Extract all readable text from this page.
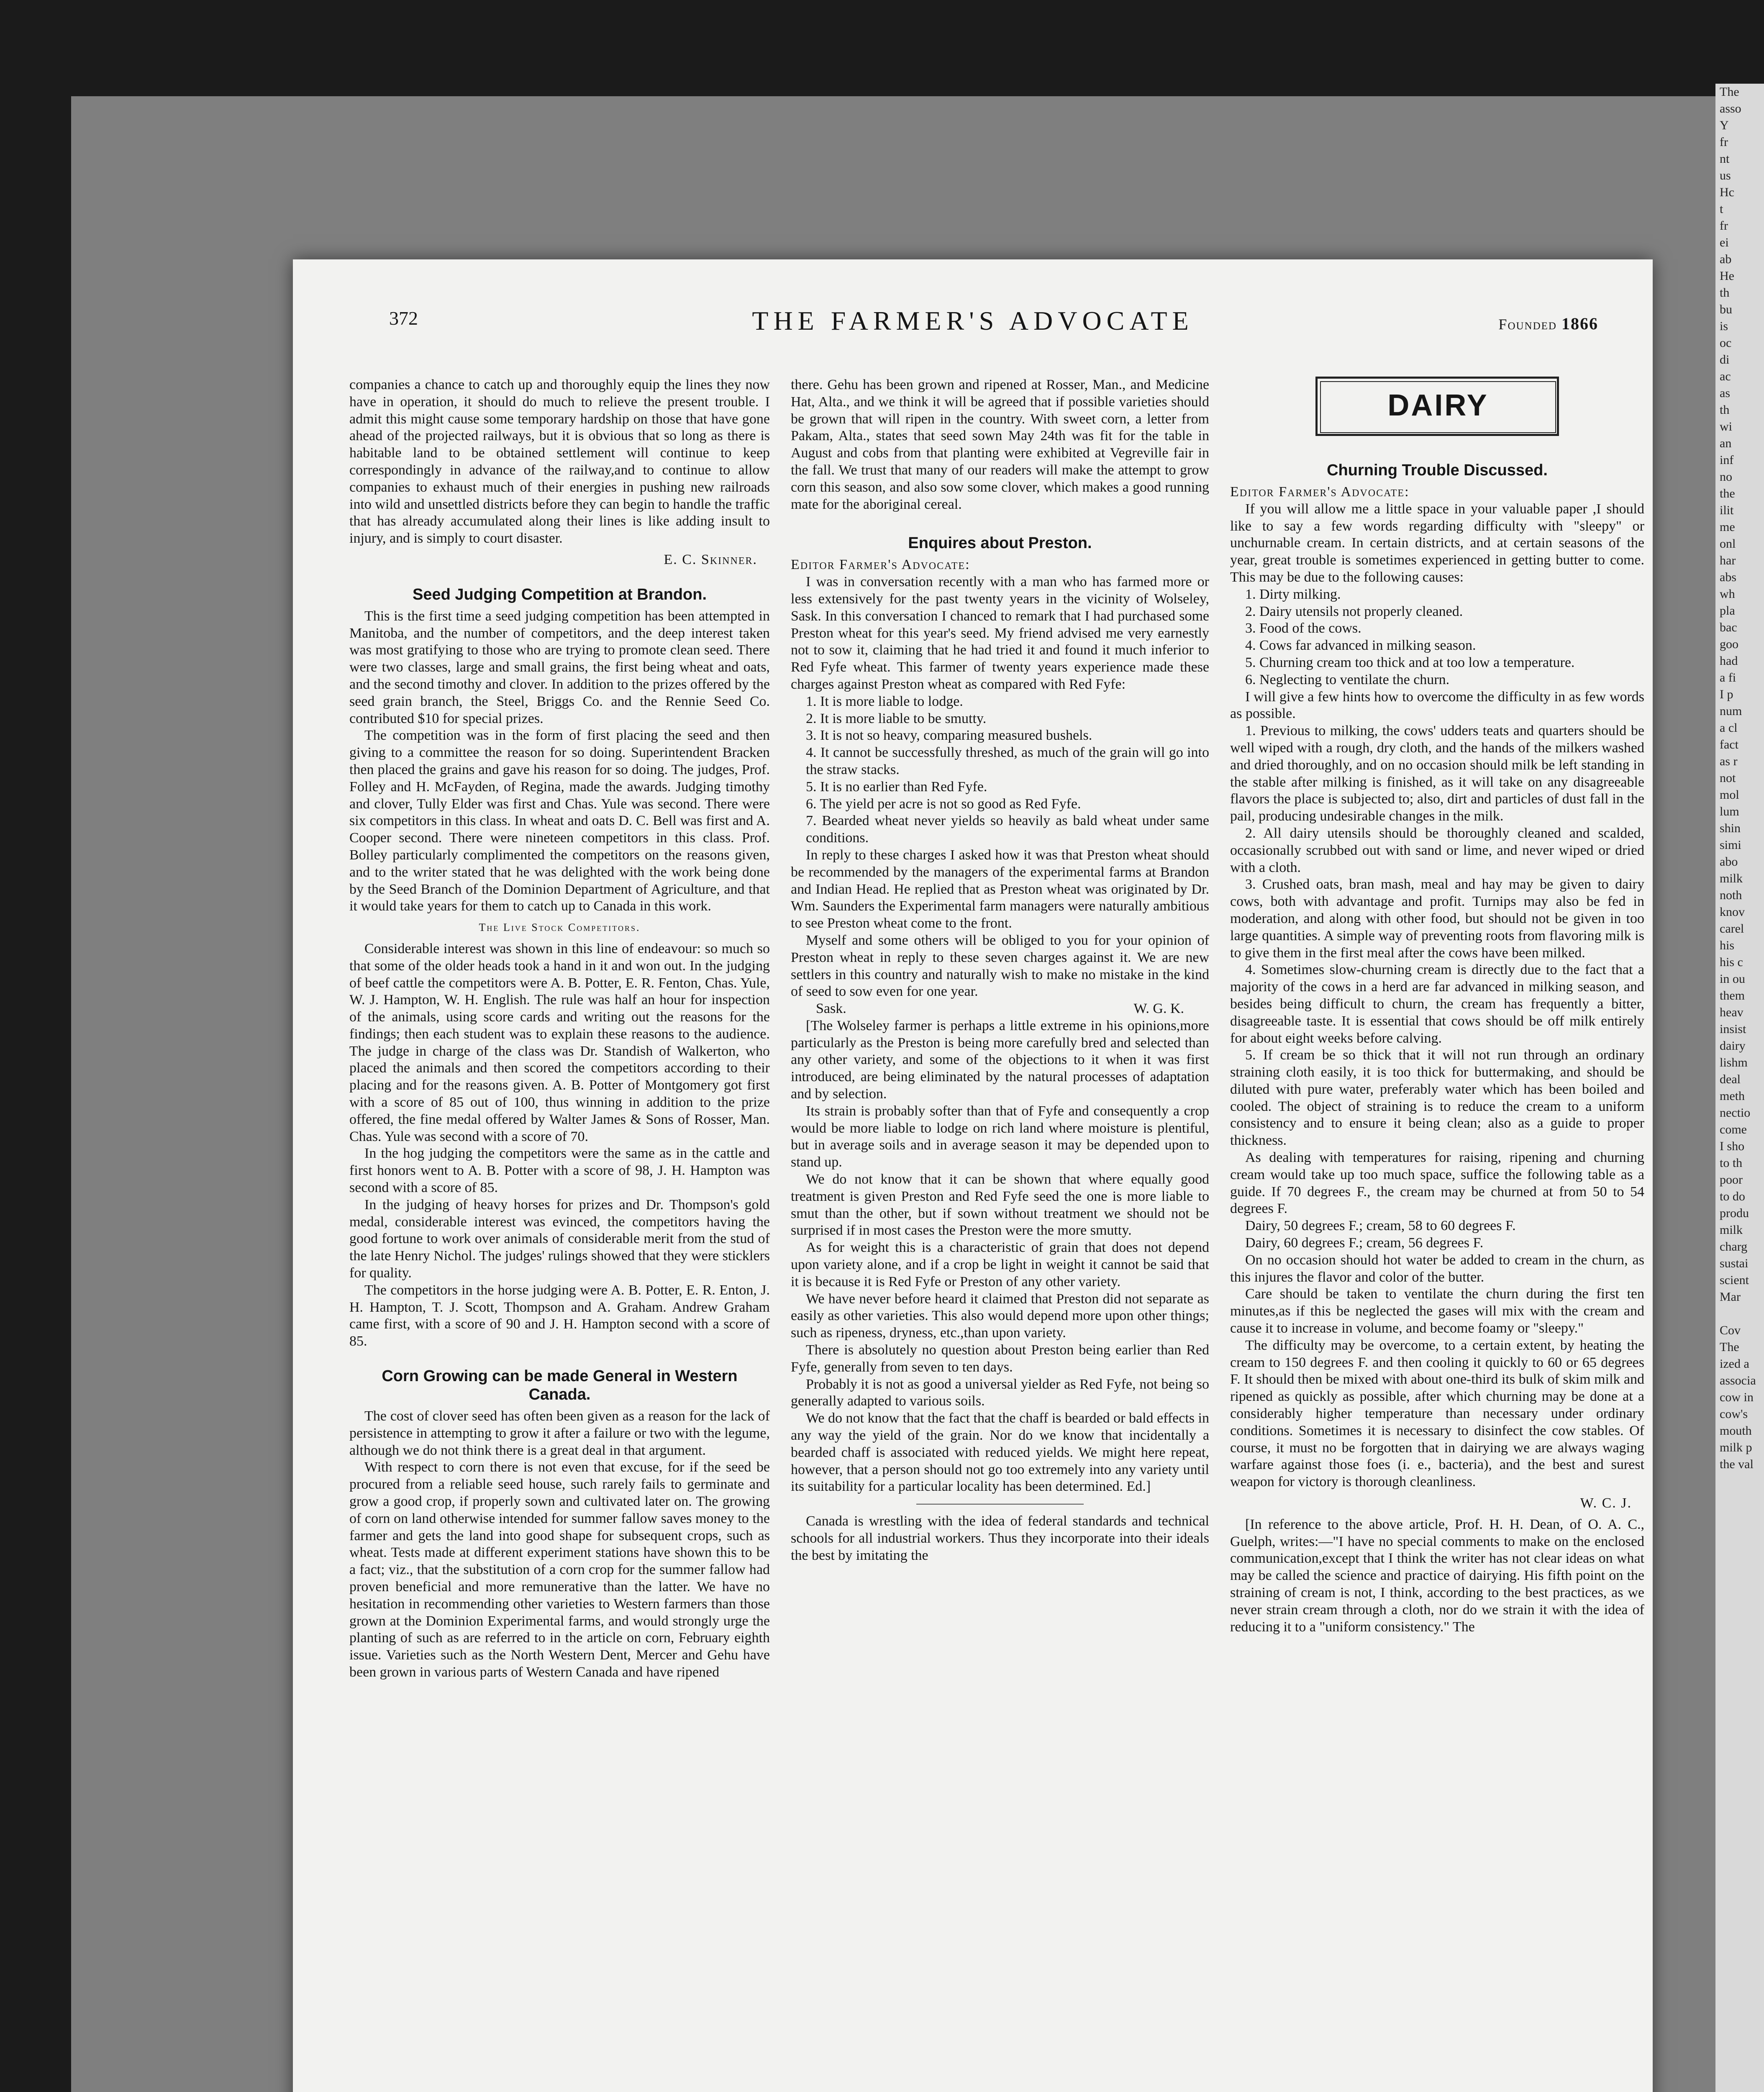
The
asso
Y
fr
nt
us
Hc
t
fr
ei
ab
He
th
bu
is
oc
di
ac
as
th
wi
an
inf
no
the
ilit
me
onl
har
abs
wh
pla
bac
goo
had
a fi
I p
num
a cl
fact
as r
not
mol
lum
shin
simi
abo
milk
noth
knov
carel
his
his c
in ou
them
heav
insist
dairy
lishm
deal
meth
nectio
come
I sho
to th
poor
to do
produ
milk
charg
sustai
scient
Mar

Cov
The
ized a
associa
cow in
cow's
mouth
milk p
the val
372	THE FARMER'S ADVOCATE	Founded 1866

companies a chance to catch up and thoroughly equip the lines they now have in operation, it should do much to relieve the present trouble. I admit this might cause some temporary hardship on those that have gone ahead of the projected railways, but it is obvious that so long as there is habitable land to be obtained settlement will continue to keep correspondingly in advance of the railway,and to continue to allow companies to exhaust much of their energies in pushing new railroads into wild and unsettled districts before they can begin to handle the traffic that has already accumulated along their lines is like adding insult to injury, and is simply to court disaster.

E. C. Skinner.
Seed Judging Competition at Brandon.

This is the first time a seed judging competition has been attempted in Manitoba, and the number of competitors, and the deep interest taken was most gratifying to those who are trying to promote clean seed. There were two classes, large and small grains, the first being wheat and oats, and the second timothy and clover. In addition to the prizes offered by the seed grain branch, the Steel, Briggs Co. and the Rennie Seed Co. contributed $10 for special prizes.

The competition was in the form of first placing the seed and then giving to a committee the reason for so doing. Superintendent Bracken then placed the grains and gave his reason for so doing. The judges, Prof. Folley and H. McFayden, of Regina, made the awards. Judging timothy and clover, Tully Elder was first and Chas. Yule was second. There were six competitors in this class. In wheat and oats D. C. Bell was first and A. Cooper second. There were nineteen competitors in this class. Prof. Bolley particularly complimented the competitors on the reasons given, and to the writer stated that he was delighted with the work being done by the Seed Branch of the Dominion Department of Agriculture, and that it would take years for them to catch up to Canada in this work.

The Live Stock Competitors.

Considerable interest was shown in this line of endeavour: so much so that some of the older heads took a hand in it and won out. In the judging of beef cattle the competitors were A. B. Potter, E. R. Fenton, Chas. Yule, W. J. Hampton, W. H. English. The rule was half an hour for inspection of the animals, using score cards and writing out the reasons for the findings; then each student was to explain these reasons to the audience. The judge in charge of the class was Dr. Standish of Walkerton, who placed the animals and then scored the competitors according to their placing and for the reasons given. A. B. Potter of Montgomery got first with a score of 85 out of 100, thus winning in addition to the prize offered, the fine medal offered by Walter James & Sons of Rosser, Man. Chas. Yule was second with a score of 70.

In the hog judging the competitors were the same as in the cattle and first honors went to A. B. Potter with a score of 98, J. H. Hampton was second with a score of 85.

In the judging of heavy horses for prizes and Dr. Thompson's gold medal, considerable interest was evinced, the competitors having the good fortune to work over animals of considerable merit from the stud of the late Henry Nichol. The judges' rulings showed that they were sticklers for quality.

The competitors in the horse judging were A. B. Potter, E. R. Enton, J. H. Hampton, T. J. Scott, Thompson and A. Graham. Andrew Graham came first, with a score of 90 and J. H. Hampton second with a score of 85.

Corn Growing can be made General in Western Canada.

The cost of clover seed has often been given as a reason for the lack of persistence in attempting to grow it after a failure or two with the legume, although we do not think there is a great deal in that argument.

With respect to corn there is not even that excuse, for if the seed be procured from a reliable seed house, such rarely fails to germinate and grow a good crop, if properly sown and cultivated later on. The growing of corn on land otherwise intended for summer fallow saves money to the farmer and gets the land into good shape for subsequent crops, such as wheat. Tests made at different experiment stations have shown this to be a fact; viz., that the substitution of a corn crop for the summer fallow had proven beneficial and more remunerative than the latter. We have no hesitation in recommending other varieties to Western farmers than those grown at the Dominion Experimental farms, and would strongly urge the planting of such as are referred to in the article on corn, February eighth issue. Varieties such as the North Western Dent, Mercer and Gehu have been grown in various parts of Western Canada and have ripened

there. Gehu has been grown and ripened at Rosser, Man., and Medicine Hat, Alta., and we think it will be agreed that if possible varieties should be grown that will ripen in the country. With sweet corn, a letter from Pakam, Alta., states that seed sown May 24th was fit for the table in August and cobs from that planting were exhibited at Vegreville fair in the fall. We trust that many of our readers will make the attempt to grow corn this season, and also sow some clover, which makes a good running mate for the aboriginal cereal.

Enquires about Preston.

Editor Farmer's Advocate:

I was in conversation recently with a man who has farmed more or less extensively for the past twenty years in the vicinity of Wolseley, Sask. In this conversation I chanced to remark that I had purchased some Preston wheat for this year's seed. My friend advised me very earnestly not to sow it, claiming that he had tried it and found it much inferior to Red Fyfe wheat. This farmer of twenty years experience made these charges against Preston wheat as compared with Red Fyfe:

1. It is more liable to lodge.

2. It is more liable to be smutty.

3. It is not so heavy, comparing measured bushels.

4. It cannot be successfully threshed, as much of the grain will go into the straw stacks.

5. It is no earlier than Red Fyfe.

6. The yield per acre is not so good as Red Fyfe.

7. Bearded wheat never yields so heavily as bald wheat under same conditions.

In reply to these charges I asked how it was that Preston wheat should be recommended by the managers of the experimental farms at Brandon and Indian Head. He replied that as Preston wheat was originated by Dr. Wm. Saunders the Experimental farm managers were naturally ambitious to see Preston wheat come to the front.

Myself and some others will be obliged to you for your opinion of Preston wheat in reply to these seven charges against it. We are new settlers in this country and naturally wish to make no mistake in the kind of seed to sow even for one year.

Sask.	W. G. K.

[The Wolseley farmer is perhaps a little extreme in his opinions,more particularly as the Preston is being more carefully bred and selected than any other variety, and some of the objections to it when it was first introduced, are being eliminated by the natural processes of adaptation and by selection.

Its strain is probably softer than that of Fyfe and consequently a crop would be more liable to lodge on rich land where moisture is plentiful, but in average soils and in average season it may be depended upon to stand up.

We do not know that it can be shown that where equally good treatment is given Preston and Red Fyfe seed the one is more liable to smut than the other, but if sown without treatment we should not be surprised if in most cases the Preston were the more smutty.

As for weight this is a characteristic of grain that does not depend upon variety alone, and if a crop be light in weight it cannot be said that it is because it is Red Fyfe or Preston of any other variety.

We have never before heard it claimed that Preston did not separate as easily as other varieties. This also would depend more upon other things; such as ripeness, dryness, etc.,than upon variety.

There is absolutely no question about Preston being earlier than Red Fyfe, generally from seven to ten days.

Probably it is not as good a universal yielder as Red Fyfe, not being so generally adapted to various soils.

We do not know that the fact that the chaff is bearded or bald effects in any way the yield of the grain. Nor do we know that incidentally a bearded chaff is associated with reduced yields. We might here repeat, however, that a person should not go too extremely into any variety until its suitability for a particular locality has been determined. Ed.]

Canada is wrestling with the idea of federal standards and technical schools for all industrial workers. Thus they incorporate into their ideals the best by imitating the

DAIRY
Churning Trouble Discussed.

Editor Farmer's Advocate:

If you will allow me a little space in your valuable paper ,I should like to say a few words regarding difficulty with "sleepy" or unchurnable cream. In certain districts, and at certain seasons of the year, great trouble is sometimes experienced in getting butter to come. This may be due to the following causes:

1. Dirty milking.

2. Dairy utensils not properly cleaned.

3. Food of the cows.

4. Cows far advanced in milking season.

5. Churning cream too thick and at too low a temperature.

6. Neglecting to ventilate the churn.

I will give a few hints how to overcome the difficulty in as few words as possible.

1. Previous to milking, the cows' udders teats and quarters should be well wiped with a rough, dry cloth, and the hands of the milkers washed and dried thoroughly, and on no occasion should milk be left standing in the stable after milking is finished, as it will take on any disagreeable flavors the place is subjected to; also, dirt and particles of dust fall in the pail, producing undesirable changes in the milk.

2. All dairy utensils should be thoroughly cleaned and scalded, occasionally scrubbed out with sand or lime, and never wiped or dried with a cloth.

3. Crushed oats, bran mash, meal and hay may be given to dairy cows, both with advantage and profit. Turnips may also be fed in moderation, and along with other food, but should not be given in too large quantities. A simple way of preventing roots from flavoring milk is to give them in the first meal after the cows have been milked.

4. Sometimes slow-churning cream is directly due to the fact that a majority of the cows in a herd are far advanced in milking season, and besides being difficult to churn, the cream has frequently a bitter, disagreeable taste. It is essential that cows should be off milk entirely for about eight weeks before calving.

5. If cream be so thick that it will not run through an ordinary straining cloth easily, it is too thick for buttermaking, and should be diluted with pure water, preferably water which has been boiled and cooled. The object of straining is to reduce the cream to a uniform consistency and to ensure it being clean; also as a guide to proper thickness.

As dealing with temperatures for raising, ripening and churning cream would take up too much space, suffice the following table as a guide. If 70 degrees F., the cream may be churned at from 50 to 54 degrees F.

Dairy, 50 degrees F.; cream, 58 to 60 degrees F.

Dairy, 60 degrees F.; cream, 56 degrees F.

On no occasion should hot water be added to cream in the churn, as this injures the flavor and color of the butter.

Care should be taken to ventilate the churn during the first ten minutes,as if this be neglected the gases will mix with the cream and cause it to increase in volume, and become foamy or "sleepy."

The difficulty may be overcome, to a certain extent, by heating the cream to 150 degrees F. and then cooling it quickly to 60 or 65 degrees F. It should then be mixed with about one-third its bulk of skim milk and ripened as quickly as possible, after which churning may be done at a considerably higher temperature than necessary under ordinary conditions. Sometimes it is necessary to disinfect the cow stables. Of course, it must no be forgotten that in dairying we are always waging warfare against those foes (i. e., bacteria), and the best and surest weapon for victory is thorough cleanliness.

W. C. J.

[In reference to the above article, Prof. H. H. Dean, of O. A. C., Guelph, writes:—"I have no special comments to make on the enclosed communication,except that I think the writer has not clear ideas on what may be called the science and practice of dairying. His fifth point on the straining of cream is not, I think, according to the best practices, as we never strain cream through a cloth, nor do we strain it with the idea of reducing it to a "uniform consistency." The
